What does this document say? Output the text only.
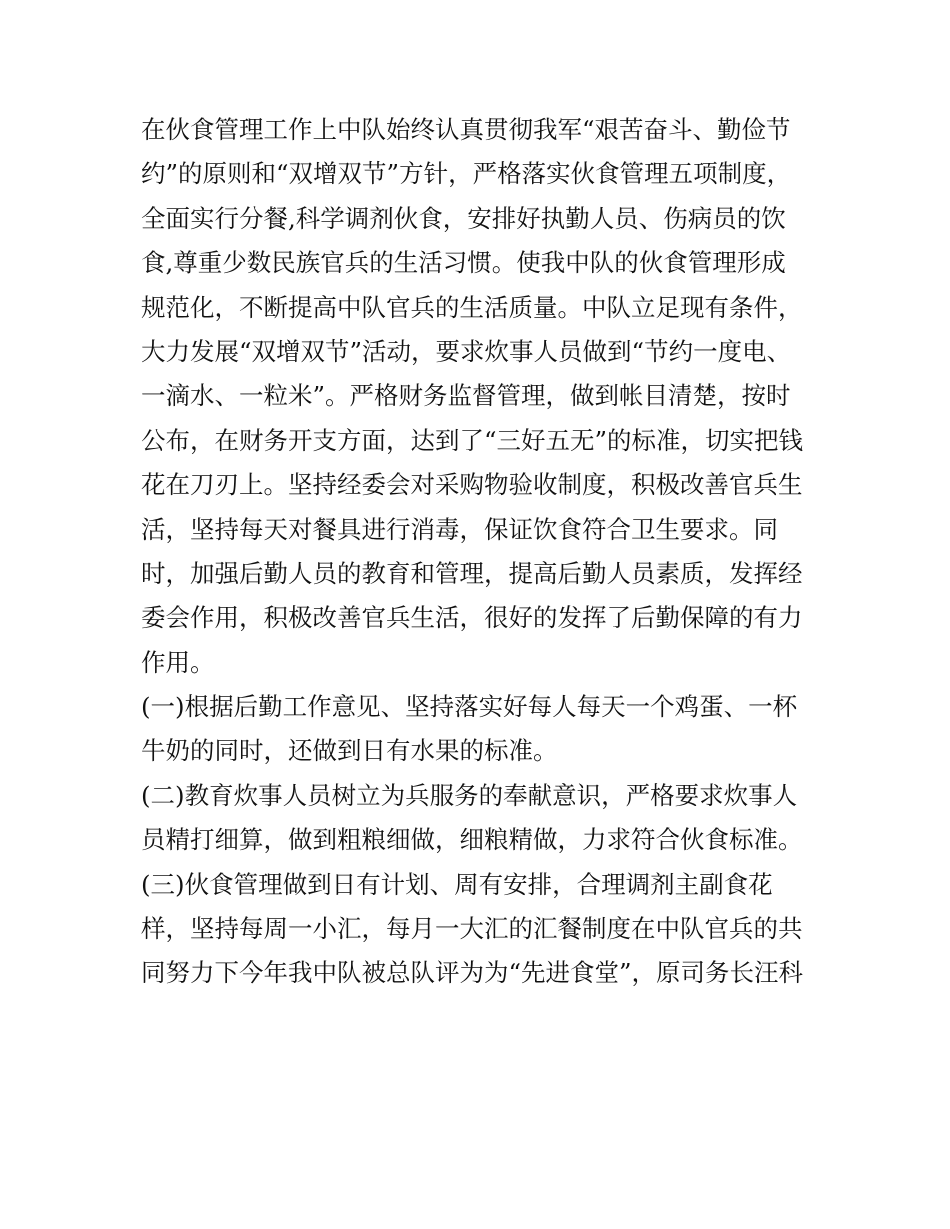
在伙食管理工作上中队始终认真贯彻我军“艰苦奋斗、勤俭节
约”的原则和“双增双节”方针，严格落实伙食管理五项制度，
全面实行分餐,科学调剂伙食，安排好执勤人员、伤病员的饮
食,尊重少数民族官兵的生活习惯。使我中队的伙食管理形成
规范化，不断提高中队官兵的生活质量。中队立足现有条件，
大力发展“双增双节”活动，要求炊事人员做到“节约一度电、
一滴水、一粒米”。严格财务监督管理，做到帐目清楚，按时
公布，在财务开支方面，达到了“三好五无”的标准，切实把钱
花在刀刃上。坚持经委会对采购物验收制度，积极改善官兵生
活，坚持每天对餐具进行消毒，保证饮食符合卫生要求。同
时，加强后勤人员的教育和管理，提高后勤人员素质，发挥经
委会作用，积极改善官兵生活，很好的发挥了后勤保障的有力
作用。
(一)根据后勤工作意见、坚持落实好每人每天一个鸡蛋、一杯
牛奶的同时，还做到日有水果的标准。
(二)教育炊事人员树立为兵服务的奉献意识，严格要求炊事人
员精打细算，做到粗粮细做，细粮精做，力求符合伙食标准。
(三)伙食管理做到日有计划、周有安排，合理调剂主副食花
样，坚持每周一小汇，每月一大汇的汇餐制度在中队官兵的共
同努力下今年我中队被总队评为为“先进食堂”，原司务长汪科
